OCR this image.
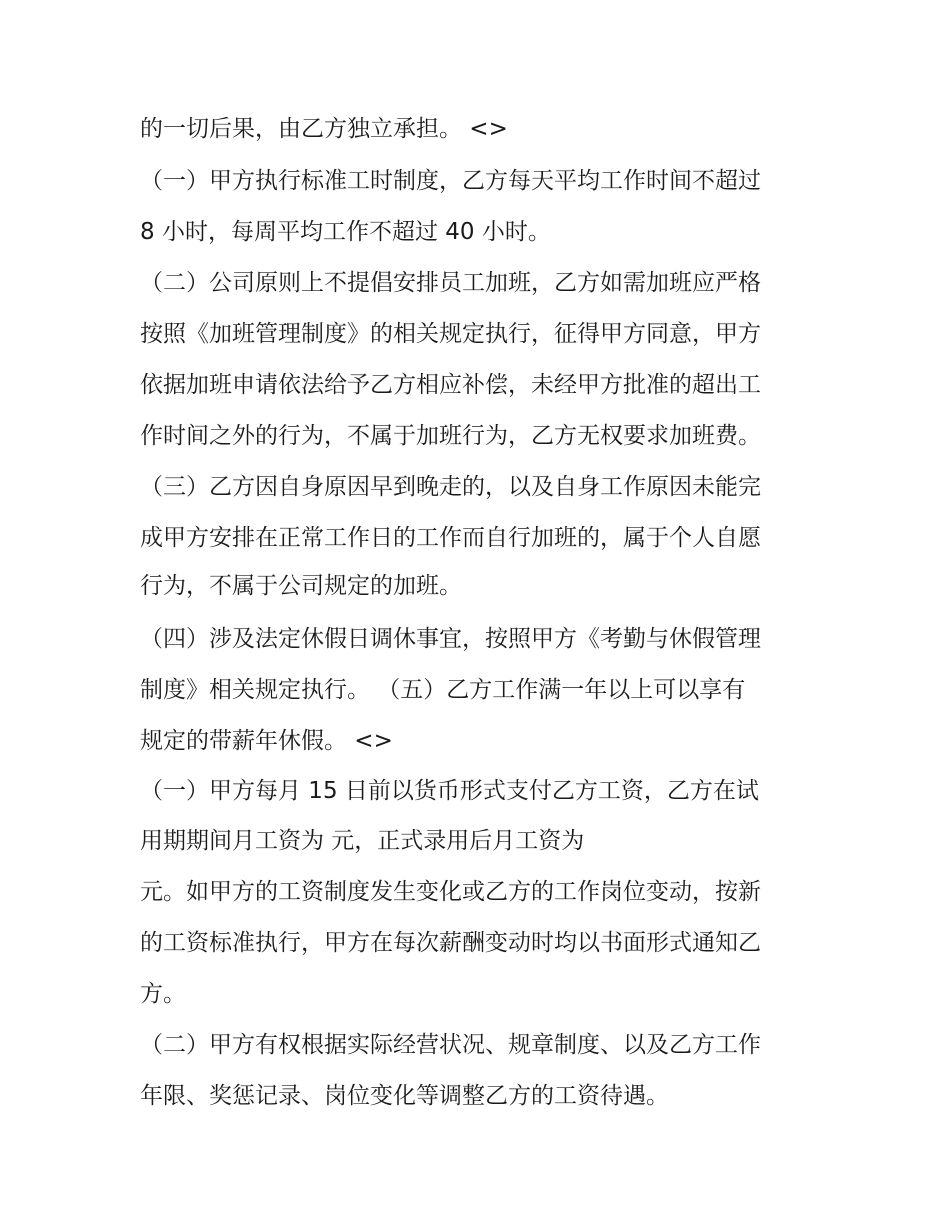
的一切后果，由乙方独立承担。 <>
（一）甲方执行标准工时制度，乙方每天平均工作时间不超过
8 小时，每周平均工作不超过 40 小时。
（二）公司原则上不提倡安排员工加班，乙方如需加班应严格
按照《加班管理制度》的相关规定执行，征得甲方同意，甲方
依据加班申请依法给予乙方相应补偿，未经甲方批准的超出工
作时间之外的行为，不属于加班行为，乙方无权要求加班费。
（三）乙方因自身原因早到晚走的，以及自身工作原因未能完
成甲方安排在正常工作日的工作而自行加班的，属于个人自愿
行为，不属于公司规定的加班。
（四）涉及法定休假日调休事宜，按照甲方《考勤与休假管理
制度》相关规定执行。 （五）乙方工作满一年以上可以享有
规定的带薪年休假。 <>
（一）甲方每月 15 日前以货币形式支付乙方工资，乙方在试
用期期间月工资为 元，正式录用后月工资为
元。如甲方的工资制度发生变化或乙方的工作岗位变动，按新
的工资标准执行，甲方在每次薪酬变动时均以书面形式通知乙
方。
（二）甲方有权根据实际经营状况、规章制度、以及乙方工作
年限、奖惩记录、岗位变化等调整乙方的工资待遇。
